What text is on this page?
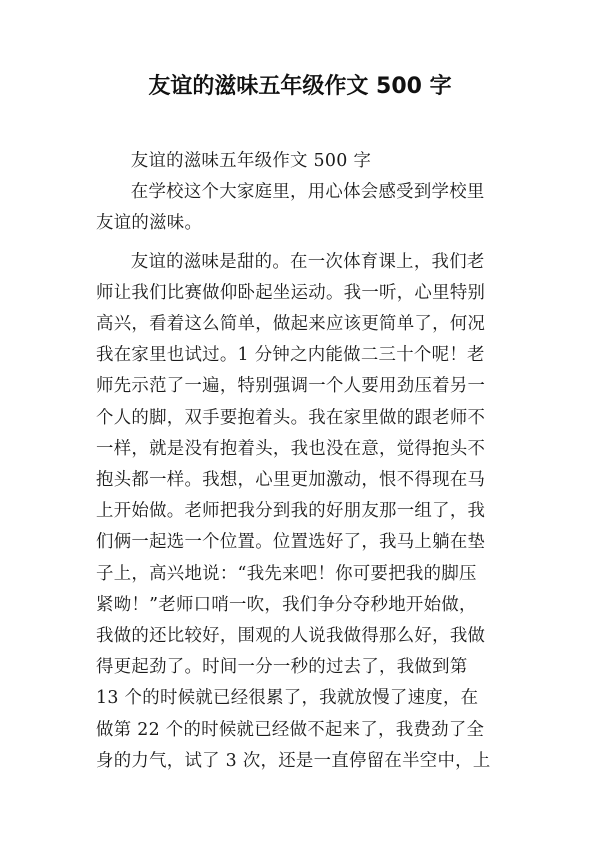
友谊的滋味五年级作文 500 字

友谊的滋味五年级作文 500 字

在学校这个大家庭里，用心体会感受到学校里
友谊的滋味。

友谊的滋味是甜的。在一次体育课上，我们老
师让我们比赛做仰卧起坐运动。我一听，心里特别
高兴，看着这么简单，做起来应该更简单了，何况
我在家里也试过。1 分钟之内能做二三十个呢！老
师先示范了一遍，特别强调一个人要用劲压着另一
个人的脚，双手要抱着头。我在家里做的跟老师不
一样，就是没有抱着头，我也没在意，觉得抱头不
抱头都一样。我想，心里更加激动，恨不得现在马
上开始做。老师把我分到我的好朋友那一组了，我
们俩一起选一个位置。位置选好了，我马上躺在垫
子上，高兴地说：“我先来吧！你可要把我的脚压
紧呦！”老师口哨一吹，我们争分夺秒地开始做，
我做的还比较好，围观的人说我做得那么好，我做
得更起劲了。时间一分一秒的过去了，我做到第
13 个的时候就已经很累了，我就放慢了速度，在
做第 22 个的时候就已经做不起来了，我费劲了全
身的力气，试了 3 次，还是一直停留在半空中，上
